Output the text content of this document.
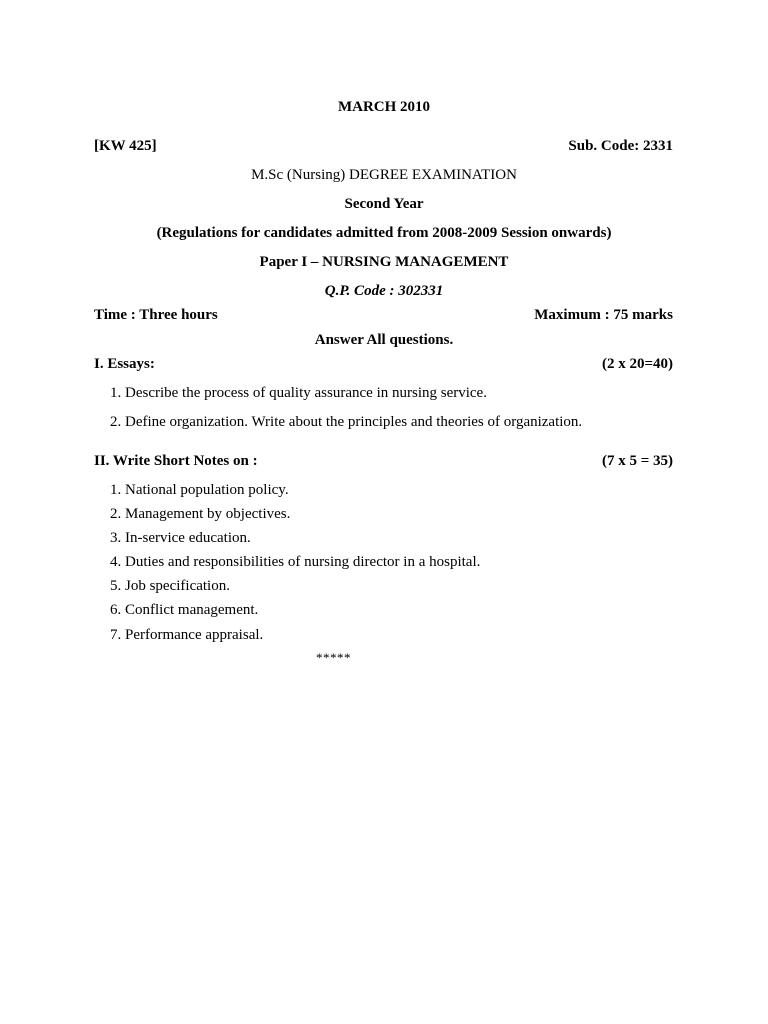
MARCH 2010
[KW 425]	Sub. Code: 2331
M.Sc (Nursing) DEGREE EXAMINATION
Second Year
(Regulations for candidates admitted from 2008-2009 Session onwards)
Paper I – NURSING MANAGEMENT
Q.P. Code : 302331
Time : Three hours	Maximum : 75 marks
Answer All questions.
I. Essays:	(2 x 20=40)
1. Describe the process of quality assurance in nursing service.
2. Define organization. Write about the principles and theories of organization.
II. Write Short Notes on :	(7 x 5 = 35)
1. National population policy.
2. Management by objectives.
3. In-service education.
4. Duties and responsibilities of nursing director in a hospital.
5. Job specification.
6. Conflict management.
7. Performance appraisal.
*****
